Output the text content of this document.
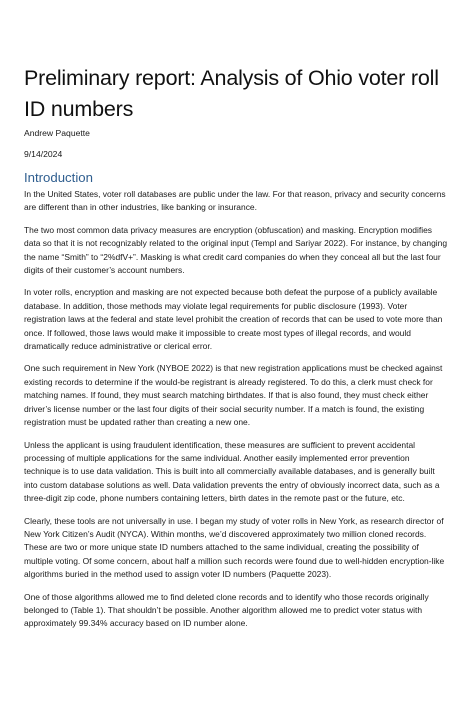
Preliminary report: Analysis of Ohio voter roll ID numbers
Andrew Paquette
9/14/2024
Introduction

In the United States, voter roll databases are public under the law. For that reason, privacy and security concerns are different than in other industries, like banking or insurance.

The two most common data privacy measures are encryption (obfuscation) and masking. Encryption modifies data so that it is not recognizably related to the original input (Templ and Sariyar 2022). For instance, by changing the name “Smith” to “2%dfV+”. Masking is what credit card companies do when they conceal all but the last four digits of their customer’s account numbers.

In voter rolls, encryption and masking are not expected because both defeat the purpose of a publicly available database. In addition, those methods may violate legal requirements for public disclosure (1993). Voter registration laws at the federal and state level prohibit the creation of records that can be used to vote more than once. If followed, those laws would make it impossible to create most types of illegal records, and would dramatically reduce administrative or clerical error.

One such requirement in New York (NYBOE 2022) is that new registration applications must be checked against existing records to determine if the would-be registrant is already registered. To do this, a clerk must check for matching names. If found, they must search matching birthdates. If that is also found, they must check either driver’s license number or the last four digits of their social security number. If a match is found, the existing registration must be updated rather than creating a new one.

Unless the applicant is using fraudulent identification, these measures are sufficient to prevent accidental processing of multiple applications for the same individual. Another easily implemented error prevention technique is to use data validation. This is built into all commercially available databases, and is generally built into custom database solutions as well. Data validation prevents the entry of obviously incorrect data, such as a three-digit zip code, phone numbers containing letters, birth dates in the remote past or the future, etc.

Clearly, these tools are not universally in use. I began my study of voter rolls in New York, as research director of New York Citizen’s Audit (NYCA). Within months, we’d discovered approximately two million cloned records. These are two or more unique state ID numbers attached to the same individual, creating the possibility of multiple voting. Of some concern, about half a million such records were found due to well-hidden encryption-like algorithms buried in the method used to assign voter ID numbers (Paquette 2023).

One of those algorithms allowed me to find deleted clone records and to identify who those records originally belonged to (Table 1). That shouldn’t be possible. Another algorithm allowed me to predict voter status with approximately 99.34% accuracy based on ID number alone.
